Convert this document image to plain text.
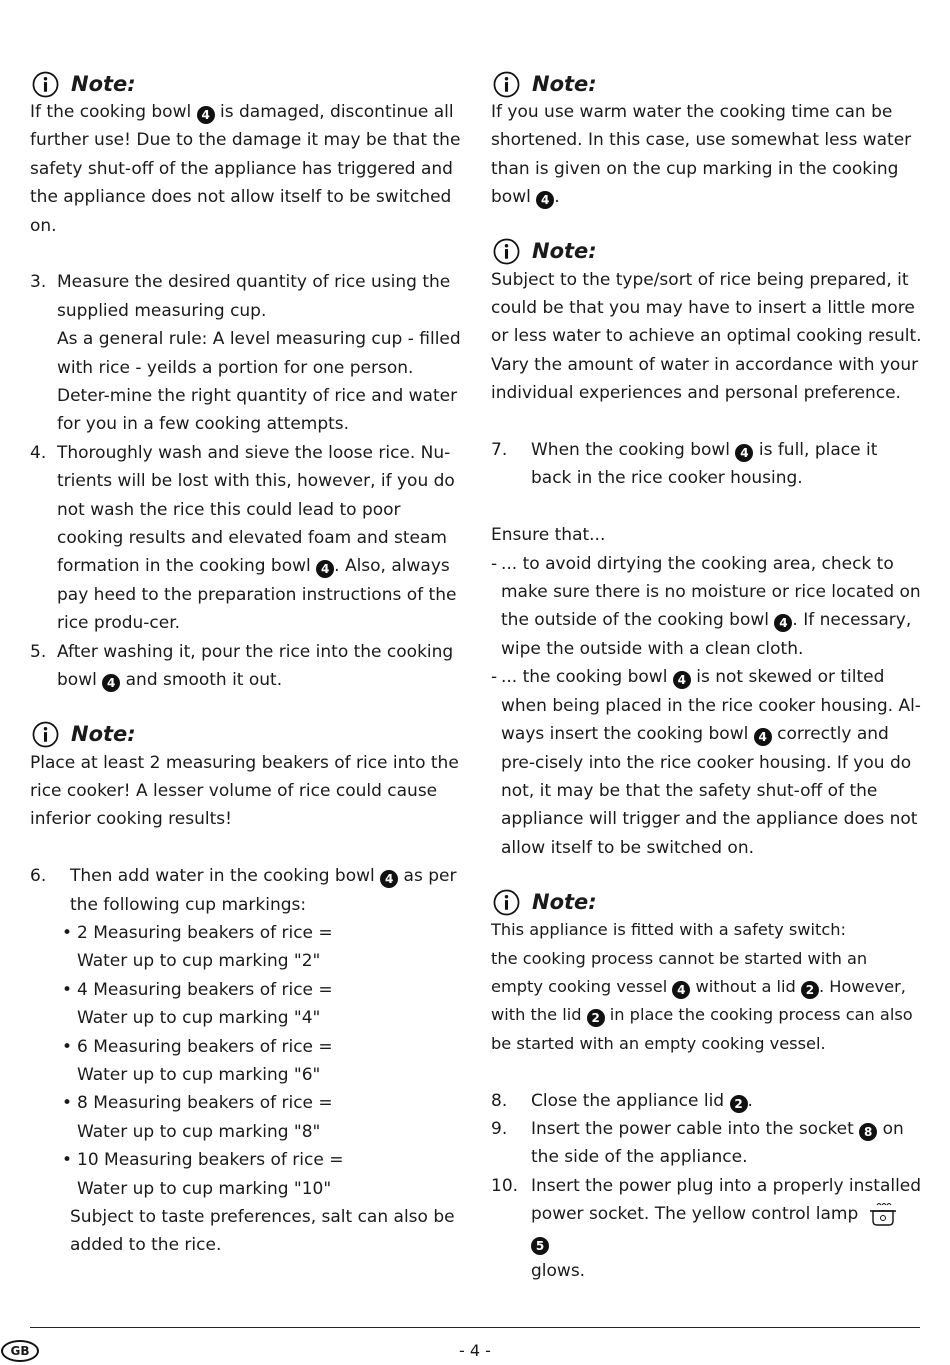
Note:

If the cooking bowl 4 is damaged, discontinue all further use! Due to the damage it may be that the safety shut-off of the appliance has triggered and the appliance does not allow itself to be switched on.

3. Measure the desired quantity of rice using the supplied measuring cup.

As a general rule: A level measuring cup - filled with rice - yeilds a portion for one person. Deter-mine the right quantity of rice and water for you in a few cooking attempts.

4. Thoroughly wash and sieve the loose rice. Nu-trients will be lost with this, however, if you do not wash the rice this could lead to poor cooking results and elevated foam and steam formation in the cooking bowl 4 . Also, always pay heed to the preparation instructions of the rice produ-cer.
5. After washing it, pour the rice into the cooking bowl 4 and smooth it out.
Note:

Place at least 2 measuring beakers of rice into the rice cooker! A lesser volume of rice could cause inferior cooking results!

6.	Then add water in the cooking bowl 4 as per the following cup markings:
• 2 Measuring beakers of rice =
Water up to cup marking "2"
• 4 Measuring beakers of rice =
Water up to cup marking "4"
• 6 Measuring beakers of rice =
Water up to cup marking "6"
• 8 Measuring beakers of rice =
Water up to cup marking "8"
• 10 Measuring beakers of rice =
Water up to cup marking "10"
Subject to taste preferences, salt can also be added to the rice.
Note:

If you use warm water the cooking time can be shortened. In this case, use somewhat less water than is given on the cup marking in the cooking bowl 4 .

Note:

Subject to the type/sort of rice being prepared, it could be that you may have to insert a little more or less water to achieve an optimal cooking result. Vary the amount of water in accordance with your individual experiences and personal preference.

7.	When the cooking bowl 4 is full, place it back in the rice cooker housing.

Ensure that...

- ... to avoid dirtying the cooking area, check to make sure there is no moisture or rice located on the outside of the cooking bowl 4 . If necessary, wipe the outside with a clean cloth.
- ... the cooking bowl 4 is not skewed or tilted when being placed in the rice cooker housing. Al-ways insert the cooking bowl 4 correctly and pre-cisely into the rice cooker housing. If you do not, it may be that the safety shut-off of the
appliance will trigger and the appliance does not allow itself to be switched on.
Note:
This appliance is fitted with a safety switch:
the cooking process cannot be started with an empty cooking vessel 4 without a lid 2 . However, with the lid 2 in place the cooking process can also be started with an empty cooking vessel.
8.	Close the appliance lid 2 .
9.	Insert the power cable into the socket 8 on the side of the appliance.
10. Insert the power plug into a properly installed power socket. The yellow control lamp  5
glows.
GB	- 4 -
